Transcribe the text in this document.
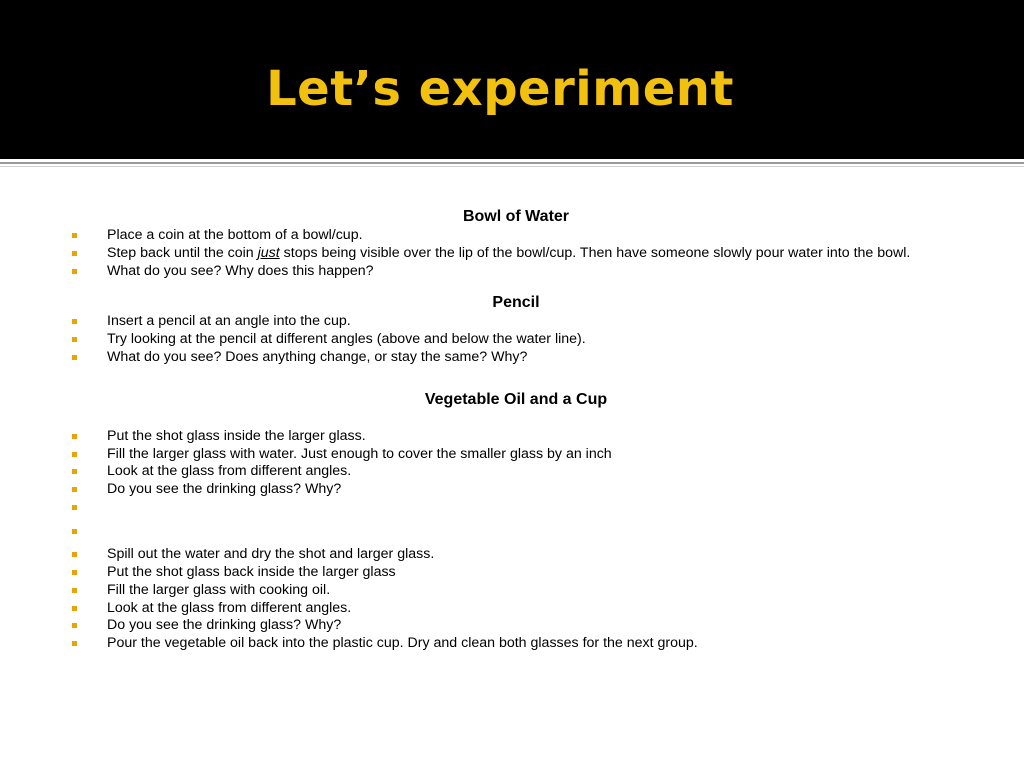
Let’s experiment
Bowl of Water
Place a coin at the bottom of a bowl/cup.
Step back until the coin just stops being visible over the lip of the bowl/cup. Then have someone slowly pour water into the bowl.
What do you see? Why does this happen?
Pencil
Insert a pencil at an angle into the cup.
Try looking at the pencil at different angles (above and below the water line).
What do you see? Does anything change, or stay the same? Why?
Vegetable Oil and a Cup
Put the shot glass inside the larger glass.
Fill the larger glass with water. Just enough to cover the smaller glass by an inch
Look at the glass from different angles.
Do you see the drinking glass? Why?
Spill out the water and dry the shot and larger glass.
Put the shot glass back inside the larger glass
Fill the larger glass with cooking oil.
Look at the glass from different angles.
Do you see the drinking glass? Why?
Pour the vegetable oil back into the plastic cup. Dry and clean both glasses for the next group.
